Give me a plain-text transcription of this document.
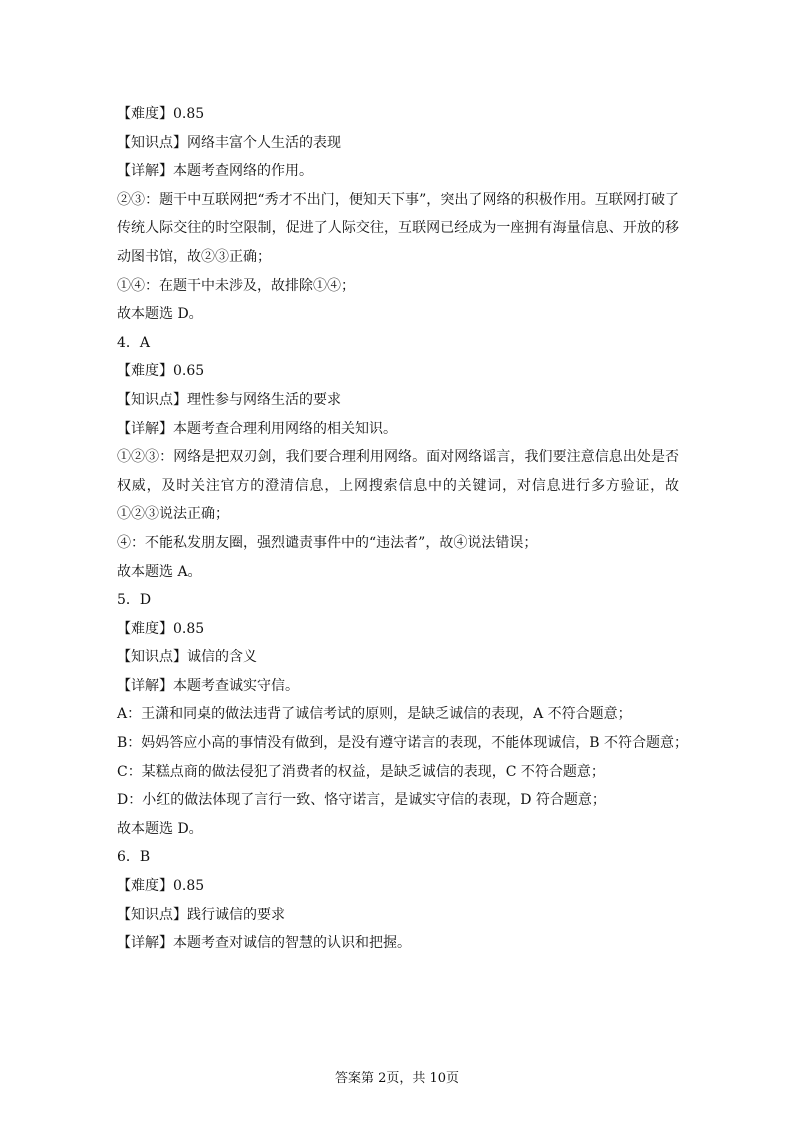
【难度】0.85
【知识点】网络丰富个人生活的表现
【详解】本题考查网络的作用。
②③：题干中互联网把“秀才不出门，便知天下事”，突出了网络的积极作用。互联网打破了传统人际交往的时空限制，促进了人际交往，互联网已经成为一座拥有海量信息、开放的移动图书馆，故②③正确；
①④：在题干中未涉及，故排除①④；
故本题选 D。
4．A
【难度】0.65
【知识点】理性参与网络生活的要求
【详解】本题考查合理利用网络的相关知识。
①②③：网络是把双刃剑，我们要合理利用网络。面对网络谣言，我们要注意信息出处是否权威，及时关注官方的澄清信息，上网搜索信息中的关键词，对信息进行多方验证，故①②③说法正确；
④：不能私发朋友圈，强烈谴责事件中的“违法者”，故④说法错误；
故本题选 A。
5．D
【难度】0.85
【知识点】诚信的含义
【详解】本题考查诚实守信。
A：王潇和同桌的做法违背了诚信考试的原则，是缺乏诚信的表现，A 不符合题意；
B：妈妈答应小高的事情没有做到，是没有遵守诺言的表现，不能体现诚信，B 不符合题意；
C：某糕点商的做法侵犯了消费者的权益，是缺乏诚信的表现，C 不符合题意；
D：小红的做法体现了言行一致、恪守诺言，是诚实守信的表现，D 符合题意；
故本题选 D。
6．B
【难度】0.85
【知识点】践行诚信的要求
【详解】本题考查对诚信的智慧的认识和把握。
答案第 2页，共 10页
